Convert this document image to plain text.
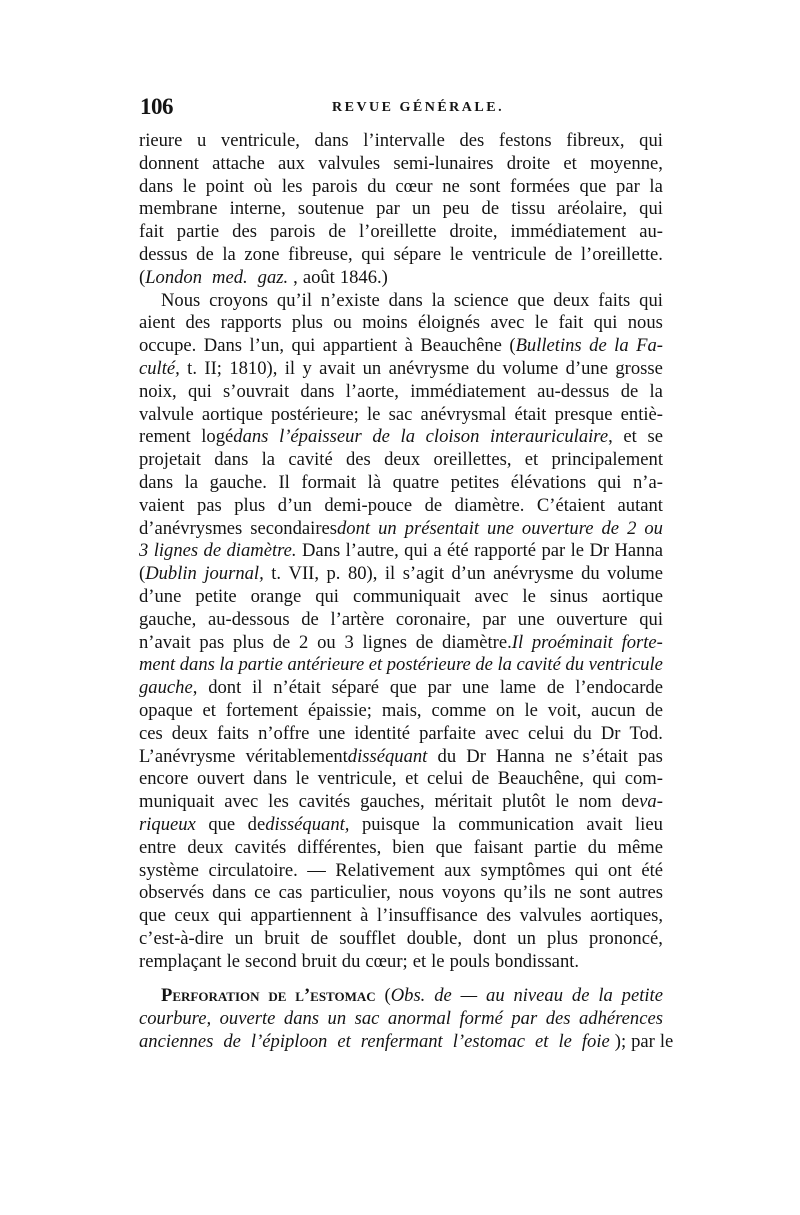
106	REVUE GÉNÉRALE.
rieure u ventricule, dans l’intervalle des festons fibreux, qui
donnent attache aux valvules semi-lunaires droite et moyenne,
dans le point où les parois du cœur ne sont formées que par la
membrane interne, soutenue par un peu de tissu aréolaire, qui
fait partie des parois de l’oreillette droite, immédiatement au-
dessus de la zone fibreuse, qui sépare le ventricule de l’oreillette.
(London med. gaz. , août 1846.)
Nous croyons qu’il n’existe dans la science que deux faits qui
aient des rapports plus ou moins éloignés avec le fait qui nous
occupe. Dans l’un, qui appartient à Beauchêne (Bulletins de la Fa-
culté, t. II; 1810), il y avait un anévrysme du volume d’une grosse
noix, qui s’ouvrait dans l’aorte, immédiatement au-dessus de la
valvule aortique postérieure; le sac anévrysmal était presque entiè-
rement logédans l’épaisseur de la cloison interauriculaire, et se
projetait dans la cavité des deux oreillettes, et principalement
dans la gauche. Il formait là quatre petites élévations qui n’a-
vaient pas plus d’un demi-pouce de diamètre. C’étaient autant
d’anévrysmes secondairesdont un présentait une ouverture de 2 ou
3 lignes de diamètre. Dans l’autre, qui a été rapporté par le Dr Hanna
(Dublin journal, t. VII, p. 80), il s’agit d’un anévrysme du volume
d’une petite orange qui communiquait avec le sinus aortique
gauche, au-dessous de l’artère coronaire, par une ouverture qui
n’avait pas plus de 2 ou 3 lignes de diamètre.Il proéminait forte-
ment dans la partie antérieure et postérieure de la cavité du ventricule
gauche, dont il n’était séparé que par une lame de l’endocarde
opaque et fortement épaissie; mais, comme on le voit, aucun de
ces deux faits n’offre une identité parfaite avec celui du Dr Tod.
L’anévrysme véritablementdisséquant du Dr Hanna ne s’était pas
encore ouvert dans le ventricule, et celui de Beauchêne, qui com-
muniquait avec les cavités gauches, méritait plutôt le nom deva-
riqueux que dedisséquant, puisque la communication avait lieu
entre deux cavités différentes, bien que faisant partie du même
système circulatoire. — Relativement aux symptômes qui ont été
observés dans ce cas particulier, nous voyons qu’ils ne sont autres
que ceux qui appartiennent à l’insuffisance des valvules aortiques,
c’est-à-dire un bruit de soufflet double, dont un plus prononcé,
remplaçant le second bruit du cœur; et le pouls bondissant.
Perforation de l’estomac (Obs. de — au niveau de la petite
courbure, ouverte dans un sac anormal formé par des adhérences
anciennes de l’épiploon et renfermant l’estomac et le foie ); par le
